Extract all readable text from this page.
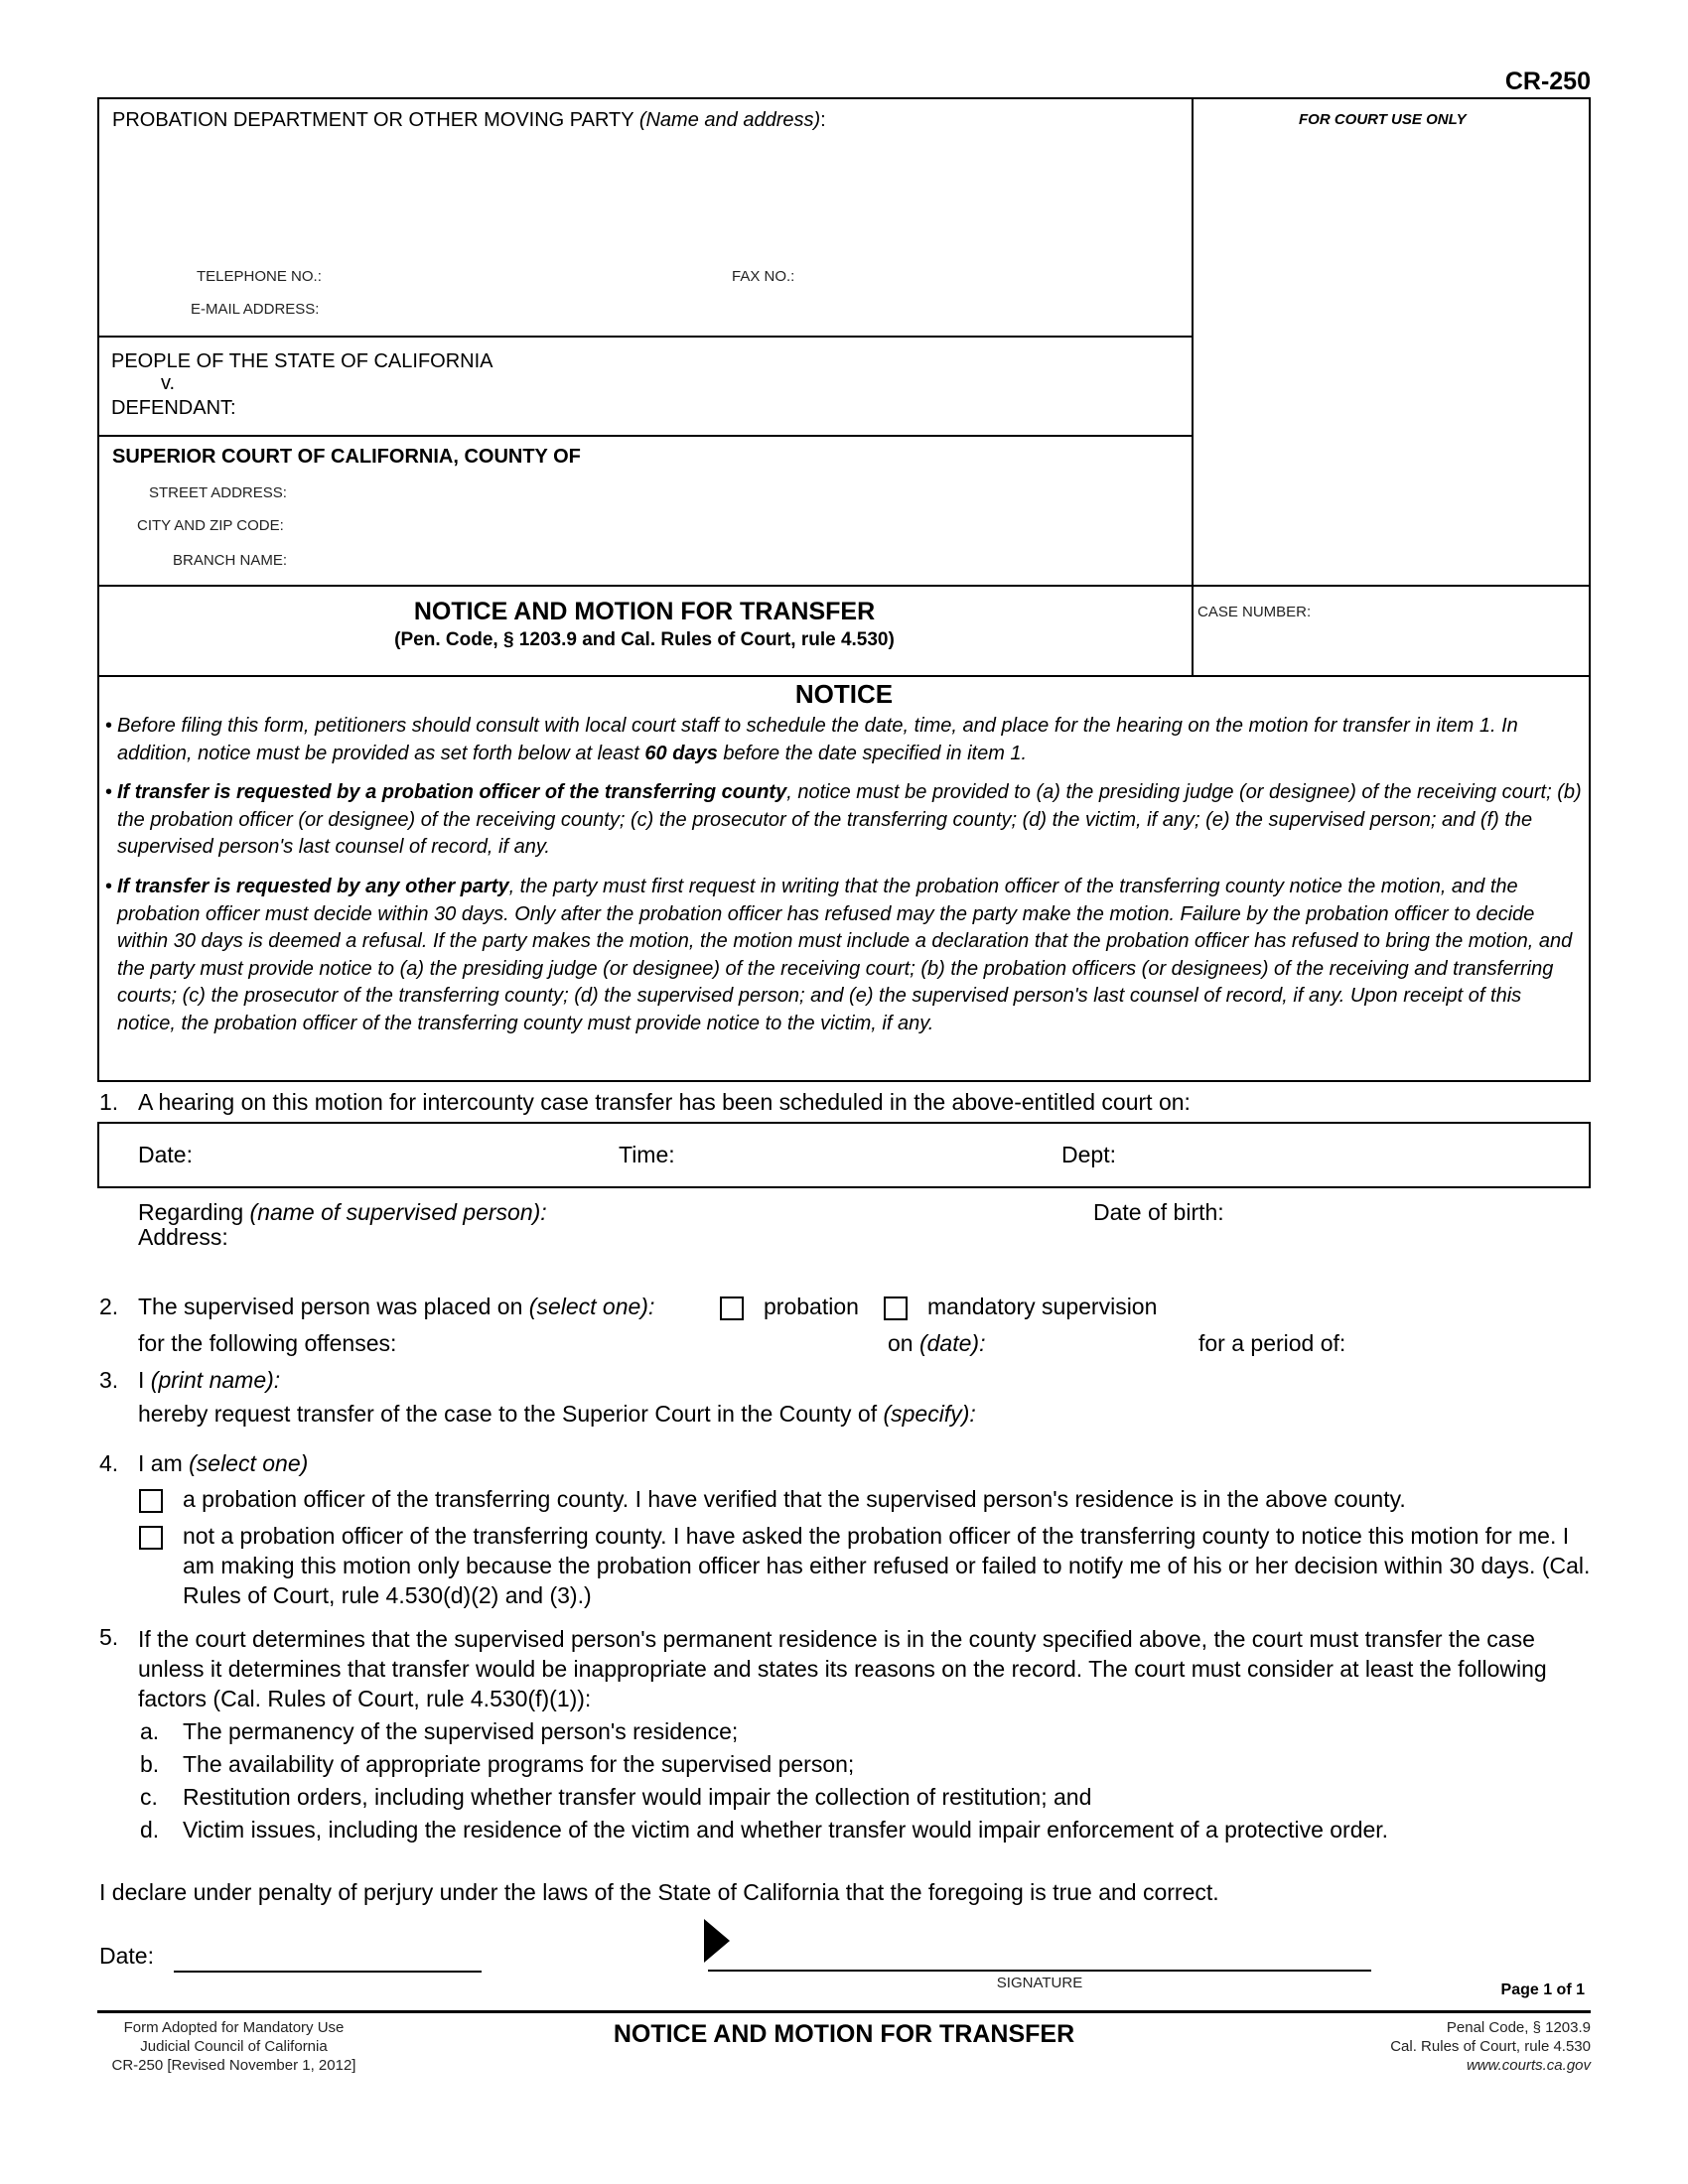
CR-250
PROBATION DEPARTMENT OR OTHER MOVING PARTY (Name and address):
TELEPHONE NO.:	FAX NO.:
E-MAIL ADDRESS:
FOR COURT USE ONLY
PEOPLE OF THE STATE OF CALIFORNIA
v.
DEFENDANT:
SUPERIOR COURT OF CALIFORNIA, COUNTY OF
STREET ADDRESS:
CITY AND ZIP CODE:
BRANCH NAME:
NOTICE AND MOTION FOR TRANSFER
(Pen. Code, § 1203.9 and Cal. Rules of Court, rule 4.530)
CASE NUMBER:
NOTICE
• Before filing this form, petitioners should consult with local court staff to schedule the date, time, and place for the hearing on the motion for transfer in item 1. In addition, notice must be provided as set forth below at least 60 days before the date specified in item 1.
• If transfer is requested by a probation officer of the transferring county, notice must be provided to (a) the presiding judge (or designee) of the receiving court; (b) the probation officer (or designee) of the receiving county; (c) the prosecutor of the transferring county; (d) the victim, if any; (e) the supervised person; and (f) the supervised person's last counsel of record, if any.
• If transfer is requested by any other party, the party must first request in writing that the probation officer of the transferring county notice the motion, and the probation officer must decide within 30 days. Only after the probation officer has refused may the party make the motion. Failure by the probation officer to decide within 30 days is deemed a refusal. If the party makes the motion, the motion must include a declaration that the probation officer has refused to bring the motion, and the party must provide notice to (a) the presiding judge (or designee) of the receiving court; (b) the probation officers (or designees) of the receiving and transferring courts; (c) the prosecutor of the transferring county; (d) the supervised person; and (e) the supervised person's last counsel of record, if any. Upon receipt of this notice, the probation officer of the transferring county must provide notice to the victim, if any.
1. A hearing on this motion for intercounty case transfer has been scheduled in the above-entitled court on:
Date:	Time:	Dept:
Regarding (name of supervised person):	Date of birth:
Address:
2. The supervised person was placed on (select one):	probation	mandatory supervision
for the following offenses:	on (date):	for a period of:
3. I (print name):
hereby request transfer of the case to the Superior Court in the County of (specify):
4. I am (select one)
a probation officer of the transferring county. I have verified that the supervised person's residence is in the above county.
not a probation officer of the transferring county. I have asked the probation officer of the transferring county to notice this motion for me. I am making this motion only because the probation officer has either refused or failed to notify me of his or her decision within 30 days. (Cal. Rules of Court, rule 4.530(d)(2) and (3).)
5. If the court determines that the supervised person's permanent residence is in the county specified above, the court must transfer the case unless it determines that transfer would be inappropriate and states its reasons on the record. The court must consider at least the following factors (Cal. Rules of Court, rule 4.530(f)(1)):
a. The permanency of the supervised person's residence;
b. The availability of appropriate programs for the supervised person;
c. Restitution orders, including whether transfer would impair the collection of restitution; and
d. Victim issues, including the residence of the victim and whether transfer would impair enforcement of a protective order.
I declare under penalty of perjury under the laws of the State of California that the foregoing is true and correct.
Date:
SIGNATURE	Page 1 of 1
Form Adopted for Mandatory Use
Judicial Council of California
CR-250 [Revised November 1, 2012]
NOTICE AND MOTION FOR TRANSFER	Penal Code, § 1203.9
Cal. Rules of Court, rule 4.530
www.courts.ca.gov
